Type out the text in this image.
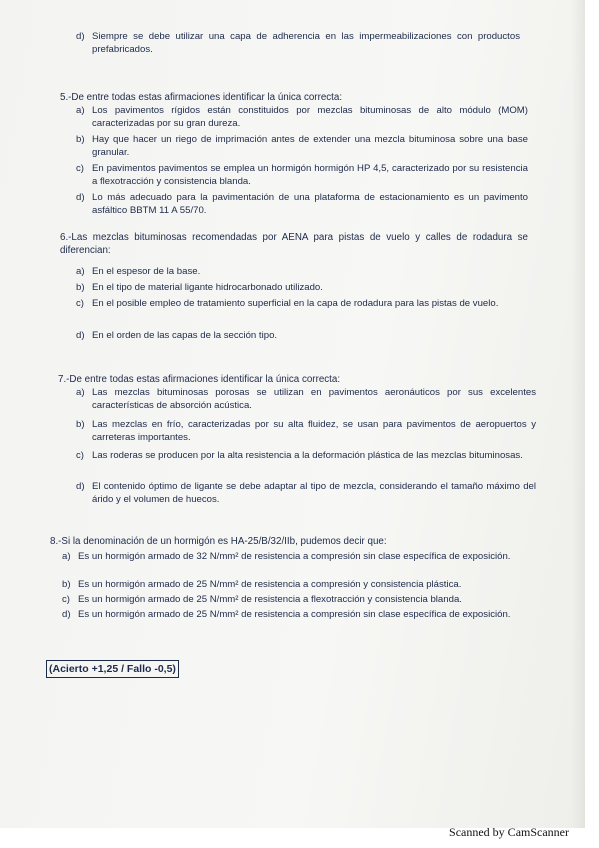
d) Siempre se debe utilizar una capa de adherencia en las impermeabilizaciones con productos prefabricados.
5.-De entre todas estas afirmaciones identificar la única correcta:
a) Los pavimentos rígidos están constituidos por mezclas bituminosas de alto módulo (MOM) caracterizadas por su gran dureza.
b) Hay que hacer un riego de imprimación antes de extender una mezcla bituminosa sobre una base granular.
c) En pavimentos pavimentos se emplea un hormigón hormigón HP 4,5, caracterizado por su resistencia a flexotracción y consistencia blanda.
d) Lo más adecuado para la pavimentación de una plataforma de estacionamiento es un pavimento asfáltico BBTM 11 A 55/70.
6.-Las mezclas bituminosas recomendadas por AENA para pistas de vuelo y calles de rodadura se diferencian:
a) En el espesor de la base.
b) En el tipo de material ligante hidrocarbonado utilizado.
c) En el posible empleo de tratamiento superficial en la capa de rodadura para las pistas de vuelo.
d) En el orden de las capas de la sección tipo.
7.-De entre todas estas afirmaciones identificar la única correcta:
a) Las mezclas bituminosas porosas se utilizan en pavimentos aeronáuticos por sus excelentes características de absorción acústica.
b) Las mezclas en frío, caracterizadas por su alta fluidez, se usan para pavimentos de aeropuertos y carreteras importantes.
c) Las roderas se producen por la alta resistencia a la deformación plástica de las mezclas bituminosas.
d) El contenido óptimo de ligante se debe adaptar al tipo de mezcla, considerando el tamaño máximo del árido y el volumen de huecos.
8.-Si la denominación de un hormigón es HA-25/B/32/IIb, pudemos decir que:
a) Es un hormigón armado de 32 N/mm² de resistencia a compresión sin clase específica de exposición.
b) Es un hormigón armado de 25 N/mm² de resistencia a compresión y consistencia plástica.
c) Es un hormigón armado de 25 N/mm² de resistencia a flexotracción y consistencia blanda.
d) Es un hormigón armado de 25 N/mm² de resistencia a compresión sin clase específica de exposición.
(Acierto +1,25 / Fallo -0,5)
Scanned by CamScanner
